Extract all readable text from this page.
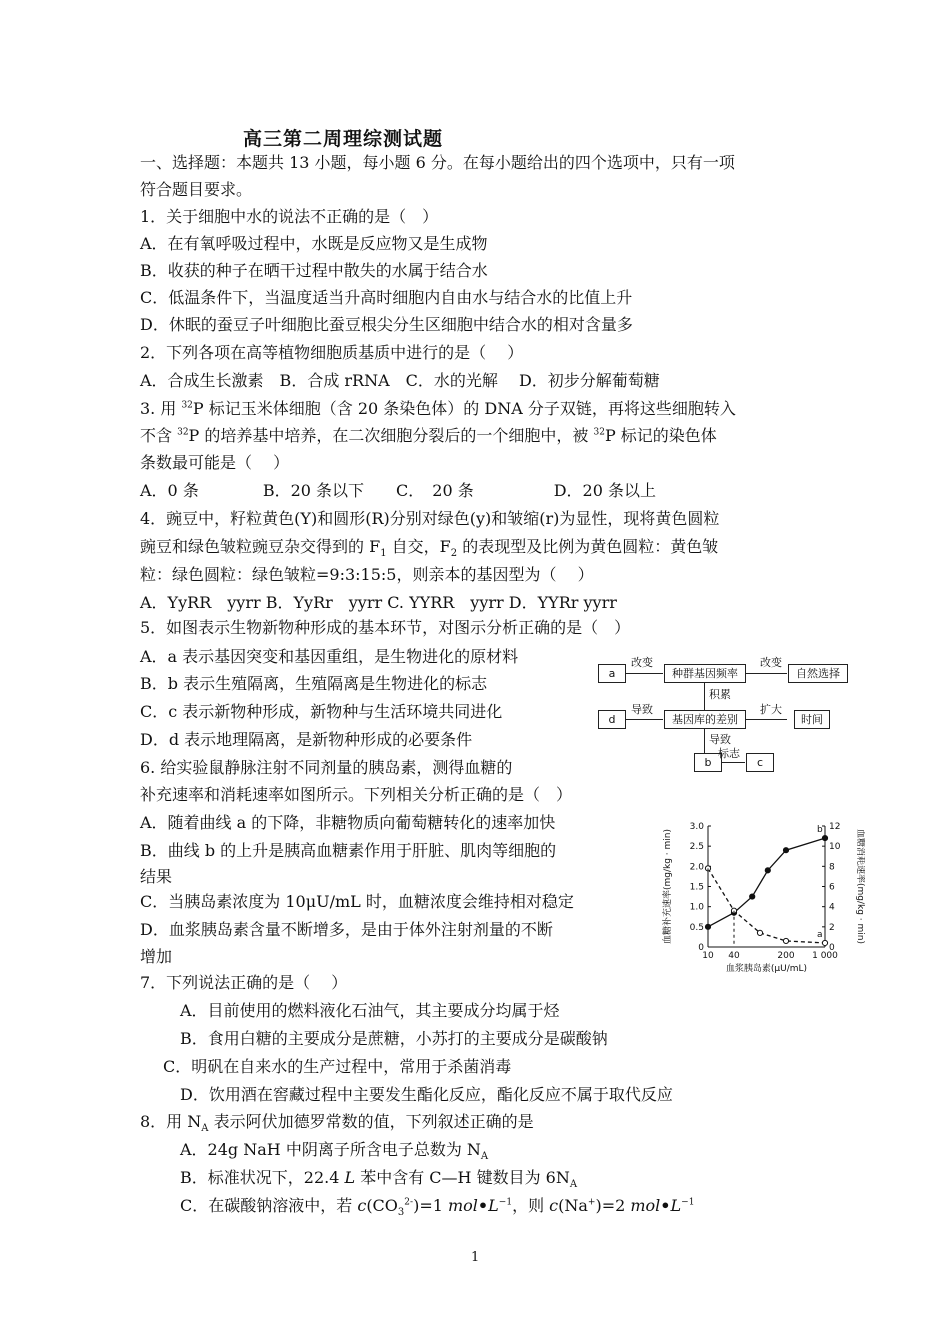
高三第二周理综测试题
一、选择题：本题共 13 小题，每小题 6 分。在每小题给出的四个选项中，只有一项
符合题目要求。
1．关于细胞中水的说法不正确的是（　）
A．在有氧呼吸过程中，水既是反应物又是生成物
B．收获的种子在晒干过程中散失的水属于结合水
C．低温条件下，当温度适当升高时细胞内自由水与结合水的比值上升
D．休眠的蚕豆子叶细胞比蚕豆根尖分生区细胞中结合水的相对含量多
2．下列各项在高等植物细胞质基质中进行的是（　 ）
A．合成生长激素　B．合成 rRNA　C．水的光解　 D．初步分解葡萄糖
3. 用 $^{32}$P 标记玉米体细胞（含 20 条染色体）的 DNA 分子双链，再将这些细胞转入
不含 $^{32}$P 的培养基中培养，在二次细胞分裂后的一个细胞中，被 $^{32}$P 标记的染色体
条数最可能是（　 ）
A．0 条　　　　B．20 条以下　　C．　20 条　　　　　D．20 条以上
4．豌豆中，籽粒黄色(Y)和圆形(R)分别对绿色(y)和皱缩(r)为显性，现将黄色圆粒
豌豆和绿色皱粒豌豆杂交得到的 $F_1$ 自交，$F_2$ 的表现型及比例为黄色圆粒：黄色皱
粒：绿色圆粒：绿色皱粒=9:3:15:5，则亲本的基因型为（　 ）
A．YyRR　yyrr B．YyRr　yyrr C. YYRR　yyrr D．YYRr yyrr
5．如图表示生物新物种形成的基本环节，对图示分析正确的是（　）
A．a 表示基因突变和基因重组，是生物进化的原材料
B．b 表示生殖隔离，生殖隔离是生物进化的标志
C．c 表示新物种形成，新物种与生活环境共同进化
D．d 表示地理隔离，是新物种形成的必要条件
a
改变
种群基因频率
改变
自然选择
积累
d
导致
基因库的差别
扩大
时间
导致
b
标志
c
6. 给实验鼠静脉注射不同剂量的胰岛素，测得血糖的
补充速率和消耗速率如图所示。下列相关分析正确的是（　）
A．随着曲线 a 的下降，非糖物质向葡萄糖转化的速率加快
B．曲线 b 的上升是胰高血糖素作用于肝脏、肌肉等细胞的
结果
C．当胰岛素浓度为 10μU/mL 时，血糖浓度会维持相对稳定
D．血浆胰岛素含量不断增多，是由于体外注射剂量的不断
增加
3.0
2.5
2.0
1.5
1.0
0.5
0
12
10
8
6
4
2
0
10 40	200 1 000
血浆胰岛素(μU/mL)
血糖补充速率(mg/kg · min)	血糖消耗速率(mg/kg · min)
b
a
7．下列说法正确的是（　 ）
A．目前使用的燃料液化石油气，其主要成分均属于烃
B．食用白糖的主要成分是蔗糖，小苏打的主要成分是碳酸钠
C．明矾在自来水的生产过程中，常用于杀菌消毒
D．饮用酒在窖藏过程中主要发生酯化反应，酯化反应不属于取代反应
8．用 $N_A$ 表示阿伏加德罗常数的值，下列叙述正确的是
A．24g NaH 中阴离子所含电子总数为 $N_A$
B．标准状况下，22.4 L 苯中含有 C—H 键数目为 $6N_A$
C．在碳酸钠溶液中，若 $c(CO_3^{2-})=1$ $mol•L^{-1}$，则 c(Na+)=2 $mol•L^{-1}$
1
